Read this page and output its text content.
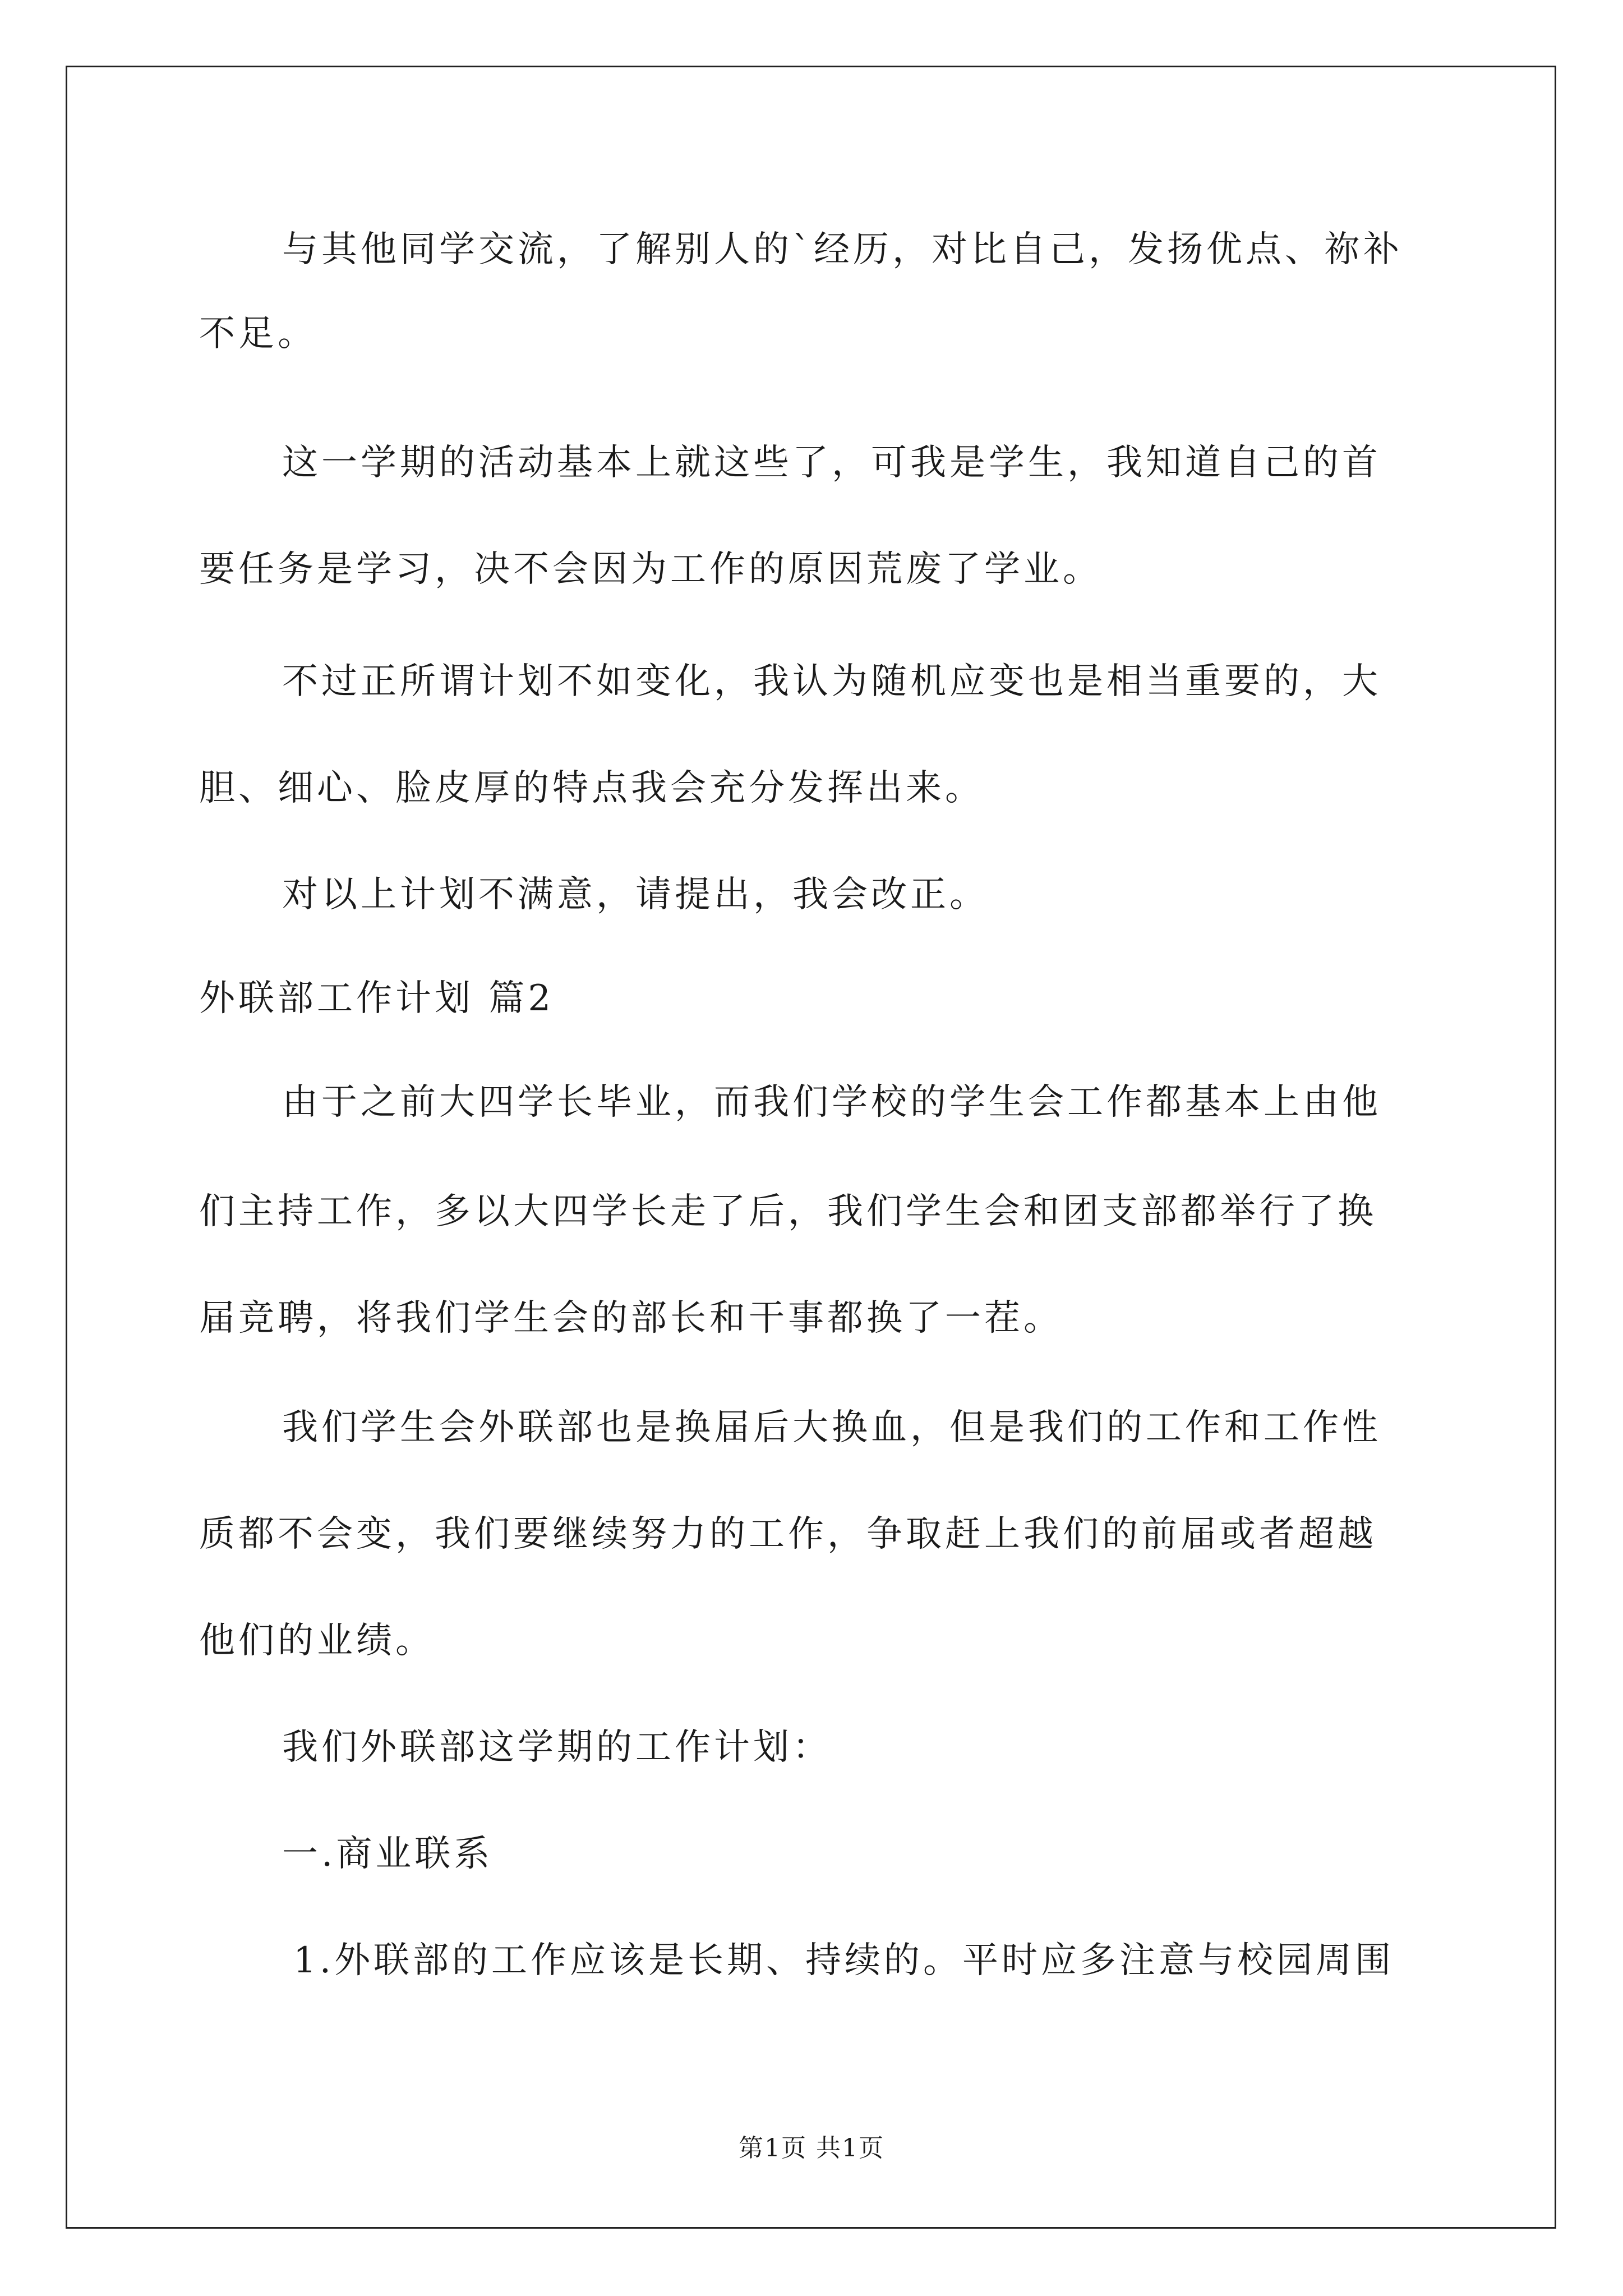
与其他同学交流，了解别人的`经历，对比自己，发扬优点、祢补
不足。
这一学期的活动基本上就这些了，可我是学生，我知道自己的首
要任务是学习，决不会因为工作的原因荒废了学业。
不过正所谓计划不如变化，我认为随机应变也是相当重要的，大
胆、细心、脸皮厚的特点我会充分发挥出来。
对以上计划不满意，请提出，我会改正。
外联部工作计划 篇2
由于之前大四学长毕业，而我们学校的学生会工作都基本上由他
们主持工作，多以大四学长走了后，我们学生会和团支部都举行了换
届竞聘，将我们学生会的部长和干事都换了一茬。
我们学生会外联部也是换届后大换血，但是我们的工作和工作性
质都不会变，我们要继续努力的工作，争取赶上我们的前届或者超越
他们的业绩。
我们外联部这学期的工作计划：
一.商业联系
1.外联部的工作应该是长期、持续的。平时应多注意与校园周围
第1页 共1页
